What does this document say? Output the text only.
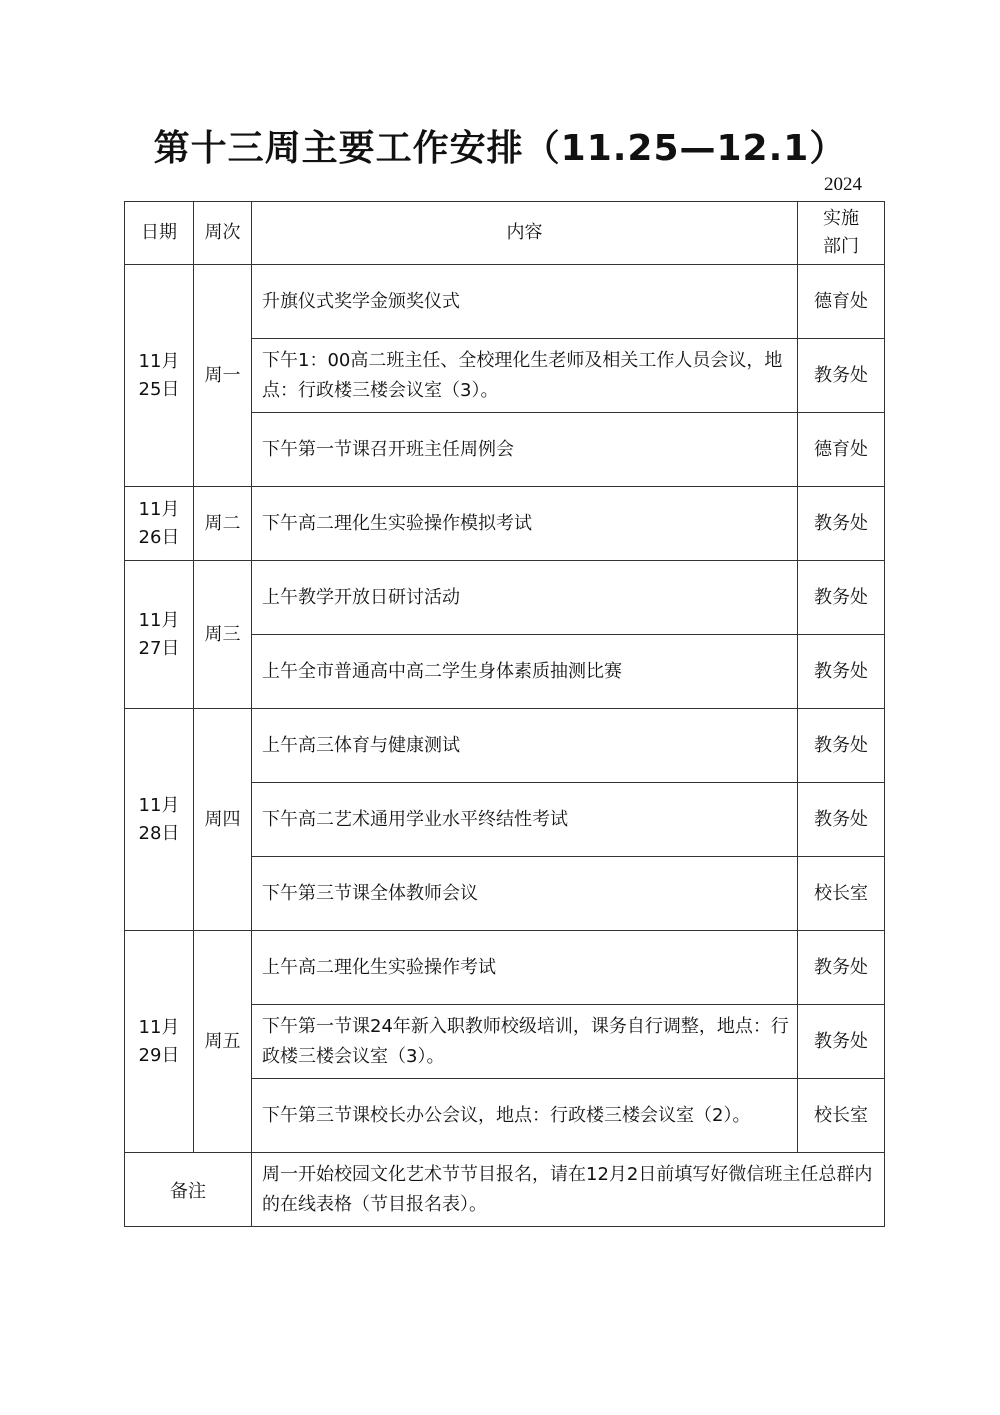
第十三周主要工作安排（11.25—12.1）
2024
日期	周次	内容	实施
部门

11月
25日	周一	升旗仪式奖学金颁奖仪式	德育处
		下午1：00高二班主任、全校理化生老师及相关工作人员会议，地点：行政楼三楼会议室（3）。	教务处
		下午第一节课召开班主任周例会	德育处

11月
26日	周二	下午高二理化生实验操作模拟考试	教务处

11月
27日	周三	上午教学开放日研讨活动	教务处
		上午全市普通高中高二学生身体素质抽测比赛	教务处

11月
28日	周四	上午高三体育与健康测试	教务处
		下午高二艺术通用学业水平终结性考试	教务处
		下午第三节课全体教师会议	校长室

11月
29日	周五	上午高二理化生实验操作考试	教务处
		下午第一节课24年新入职教师校级培训，课务自行调整，地点：行政楼三楼会议室（3）。	教务处
		下午第三节课校长办公会议，地点：行政楼三楼会议室（2）。	校长室
备注		周一开始校园文化艺术节节目报名，请在12月2日前填写好微信班主任总群内的在线表格（节目报名表）。	
